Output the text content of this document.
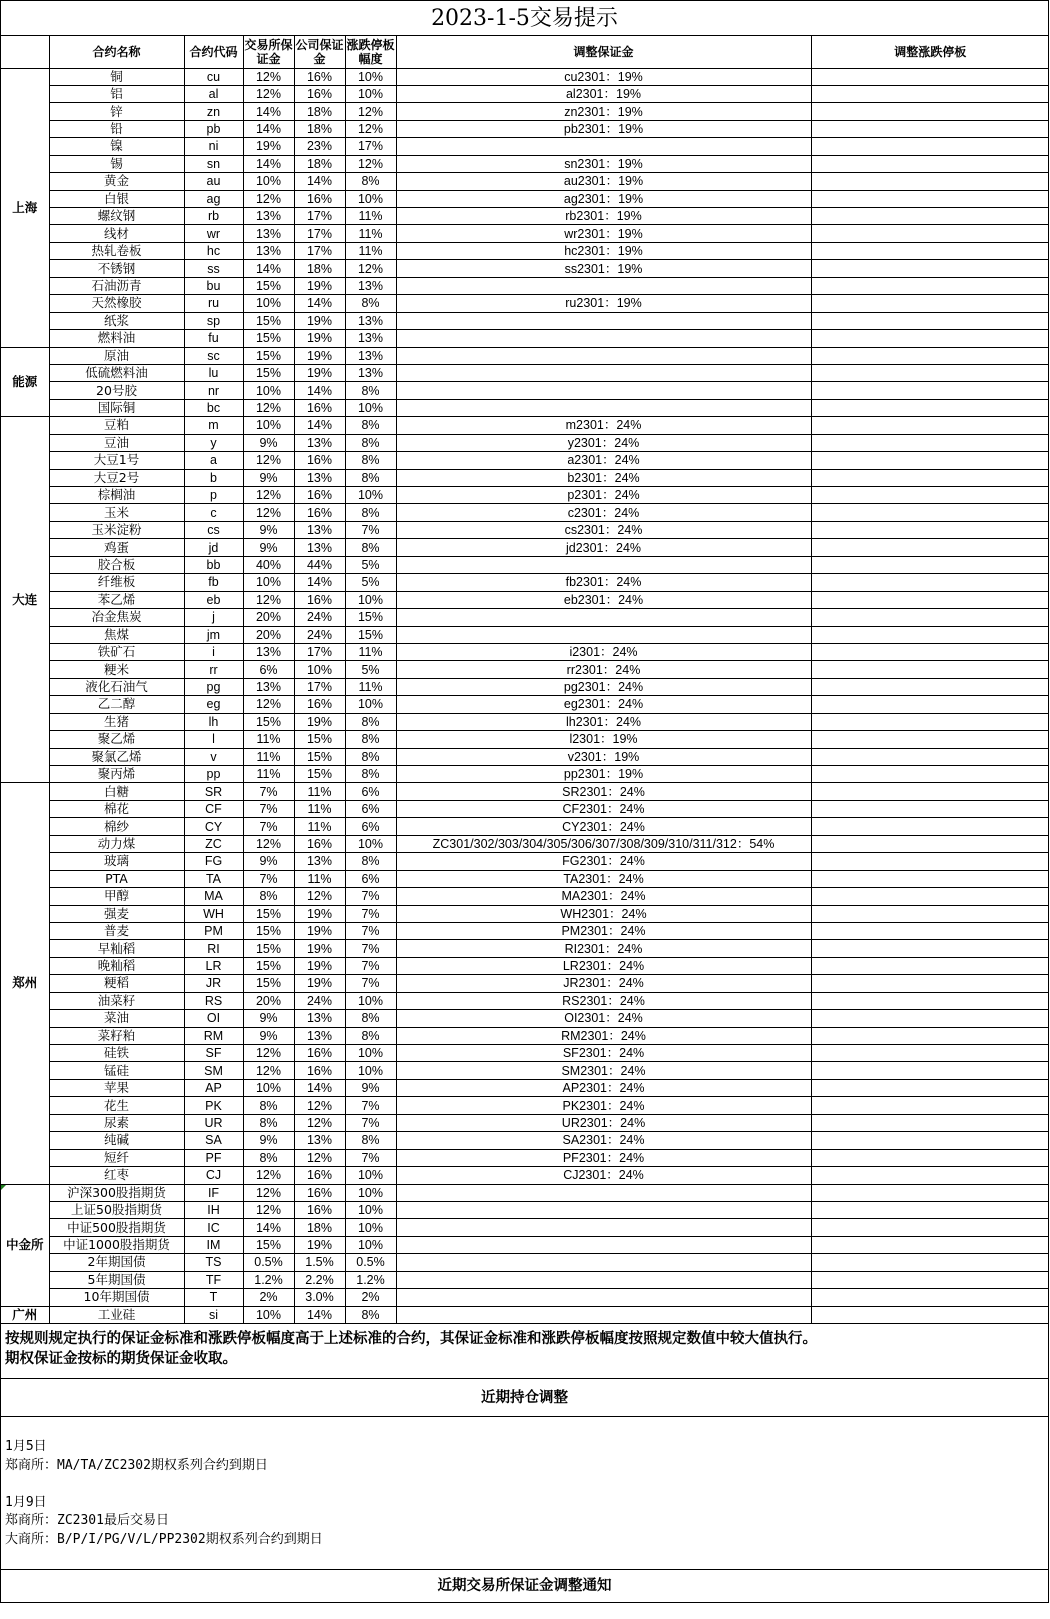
2023-1-5交易提示
	合约名称	合约代码	交易所保证金	公司保证金	涨跌停板幅度	调整保证金	调整涨跌停板
上海	铜	cu	12%	16%	10%	cu2301：19%	
	铝	al	12%	16%	10%	al2301：19%	
	锌	zn	14%	18%	12%	zn2301：19%	
	铅	pb	14%	18%	12%	pb2301：19%	
	镍	ni	19%	23%	17%		
	锡	sn	14%	18%	12%	sn2301：19%	
	黄金	au	10%	14%	8%	au2301：19%	
	白银	ag	12%	16%	10%	ag2301：19%	
	螺纹钢	rb	13%	17%	11%	rb2301：19%	
	线材	wr	13%	17%	11%	wr2301：19%	
	热轧卷板	hc	13%	17%	11%	hc2301：19%	
	不锈钢	ss	14%	18%	12%	ss2301：19%	
	石油沥青	bu	15%	19%	13%		
	天然橡胶	ru	10%	14%	8%	ru2301：19%	
	纸浆	sp	15%	19%	13%		
	燃料油	fu	15%	19%	13%		
能源	原油	sc	15%	19%	13%		
	低硫燃料油	lu	15%	19%	13%		
	20号胶	nr	10%	14%	8%		
	国际铜	bc	12%	16%	10%		
大连	豆粕	m	10%	14%	8%	m2301：24%	
	豆油	y	9%	13%	8%	y2301：24%	
	大豆1号	a	12%	16%	8%	a2301：24%	
	大豆2号	b	9%	13%	8%	b2301：24%	
	棕榈油	p	12%	16%	10%	p2301：24%	
	玉米	c	12%	16%	8%	c2301：24%	
	玉米淀粉	cs	9%	13%	7%	cs2301：24%	
	鸡蛋	jd	9%	13%	8%	jd2301：24%	
	胶合板	bb	40%	44%	5%		
	纤维板	fb	10%	14%	5%	fb2301：24%	
	苯乙烯	eb	12%	16%	10%	eb2301：24%	
	冶金焦炭	j	20%	24%	15%		
	焦煤	jm	20%	24%	15%		
	铁矿石	i	13%	17%	11%	i2301：24%	
	粳米	rr	6%	10%	5%	rr2301：24%	
	液化石油气	pg	13%	17%	11%	pg2301：24%	
	乙二醇	eg	12%	16%	10%	eg2301：24%	
	生猪	lh	15%	19%	8%	lh2301：24%	
	聚乙烯	l	11%	15%	8%	l2301：19%	
	聚氯乙烯	v	11%	15%	8%	v2301：19%	
	聚丙烯	pp	11%	15%	8%	pp2301：19%	
郑州	白糖	SR	7%	11%	6%	SR2301：24%	
	棉花	CF	7%	11%	6%	CF2301：24%	
	棉纱	CY	7%	11%	6%	CY2301：24%	
	动力煤	ZC	12%	16%	10%	ZC301/302/303/304/305/306/307/308/309/310/311/312：54%	
	玻璃	FG	9%	13%	8%	FG2301：24%	
	PTA	TA	7%	11%	6%	TA2301：24%	
	甲醇	MA	8%	12%	7%	MA2301：24%	
	强麦	WH	15%	19%	7%	WH2301：24%	
	普麦	PM	15%	19%	7%	PM2301：24%	
	早籼稻	RI	15%	19%	7%	RI2301：24%	
	晚籼稻	LR	15%	19%	7%	LR2301：24%	
	粳稻	JR	15%	19%	7%	JR2301：24%	
	油菜籽	RS	20%	24%	10%	RS2301：24%	
	菜油	OI	9%	13%	8%	OI2301：24%	
	菜籽粕	RM	9%	13%	8%	RM2301：24%	
	硅铁	SF	12%	16%	10%	SF2301：24%	
	锰硅	SM	12%	16%	10%	SM2301：24%	
	苹果	AP	10%	14%	9%	AP2301：24%	
	花生	PK	8%	12%	7%	PK2301：24%	
	尿素	UR	8%	12%	7%	UR2301：24%	
	纯碱	SA	9%	13%	8%	SA2301：24%	
	短纤	PF	8%	12%	7%	PF2301：24%	
	红枣	CJ	12%	16%	10%	CJ2301：24%	
中金所	沪深300股指期货	IF	12%	16%	10%		
	上证50股指期货	IH	12%	16%	10%		
	中证500股指期货	IC	14%	18%	10%		
	中证1000股指期货	IM	15%	19%	10%		
	2年期国债	TS	0.5%	1.5%	0.5%		
	5年期国债	TF	1.2%	2.2%	1.2%		
	10年期国债	T	2%	3.0%	2%		
广州	工业硅	si	10%	14%	8%		
按规则规定执行的保证金标准和涨跌停板幅度高于上述标准的合约，其保证金标准和涨跌停板幅度按照规定数值中较大值执行。
期权保证金按标的期货保证金收取。
近期持仓调整
1月5日
郑商所：MA/TA/ZC2302期权系列合约到期日
1月9日
郑商所：ZC2301最后交易日
大商所：B/P/I/PG/V/L/PP2302期权系列合约到期日
近期交易所保证金调整通知
